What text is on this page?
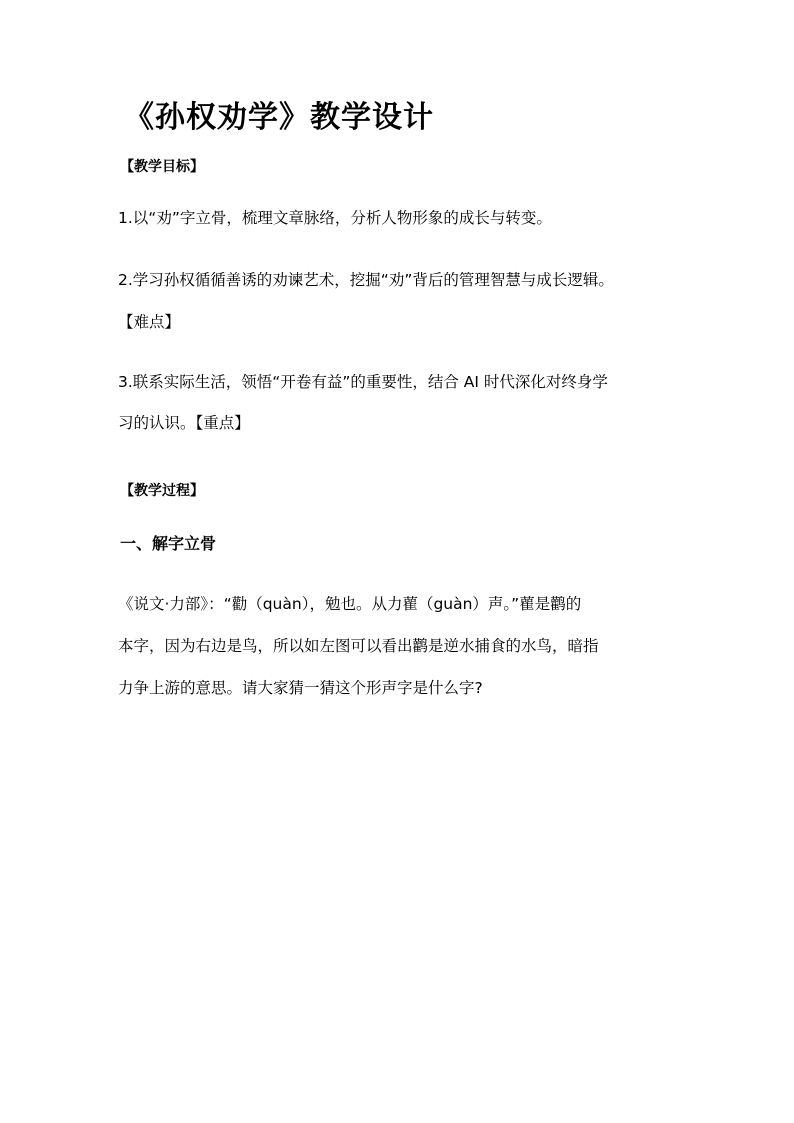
《孙权劝学》教学设计
【教学目标】
1.以“劝”字立骨，梳理文章脉络，分析人物形象的成长与转变。
2.学习孙权循循善诱的劝谏艺术，挖掘“劝”背后的管理智慧与成长逻辑。
【难点】
3.联系实际生活，领悟“开卷有益”的重要性，结合 AI 时代深化对终身学
习的认识。【重点】
【教学过程】
一、解字立骨
《说文·力部》：“勸（quàn），勉也。从力雚（guàn）声。”雚是鹳的
本字，因为右边是鸟，所以如左图可以看出鹳是逆水捕食的水鸟，暗指
力争上游的意思。请大家猜一猜这个形声字是什么字?
